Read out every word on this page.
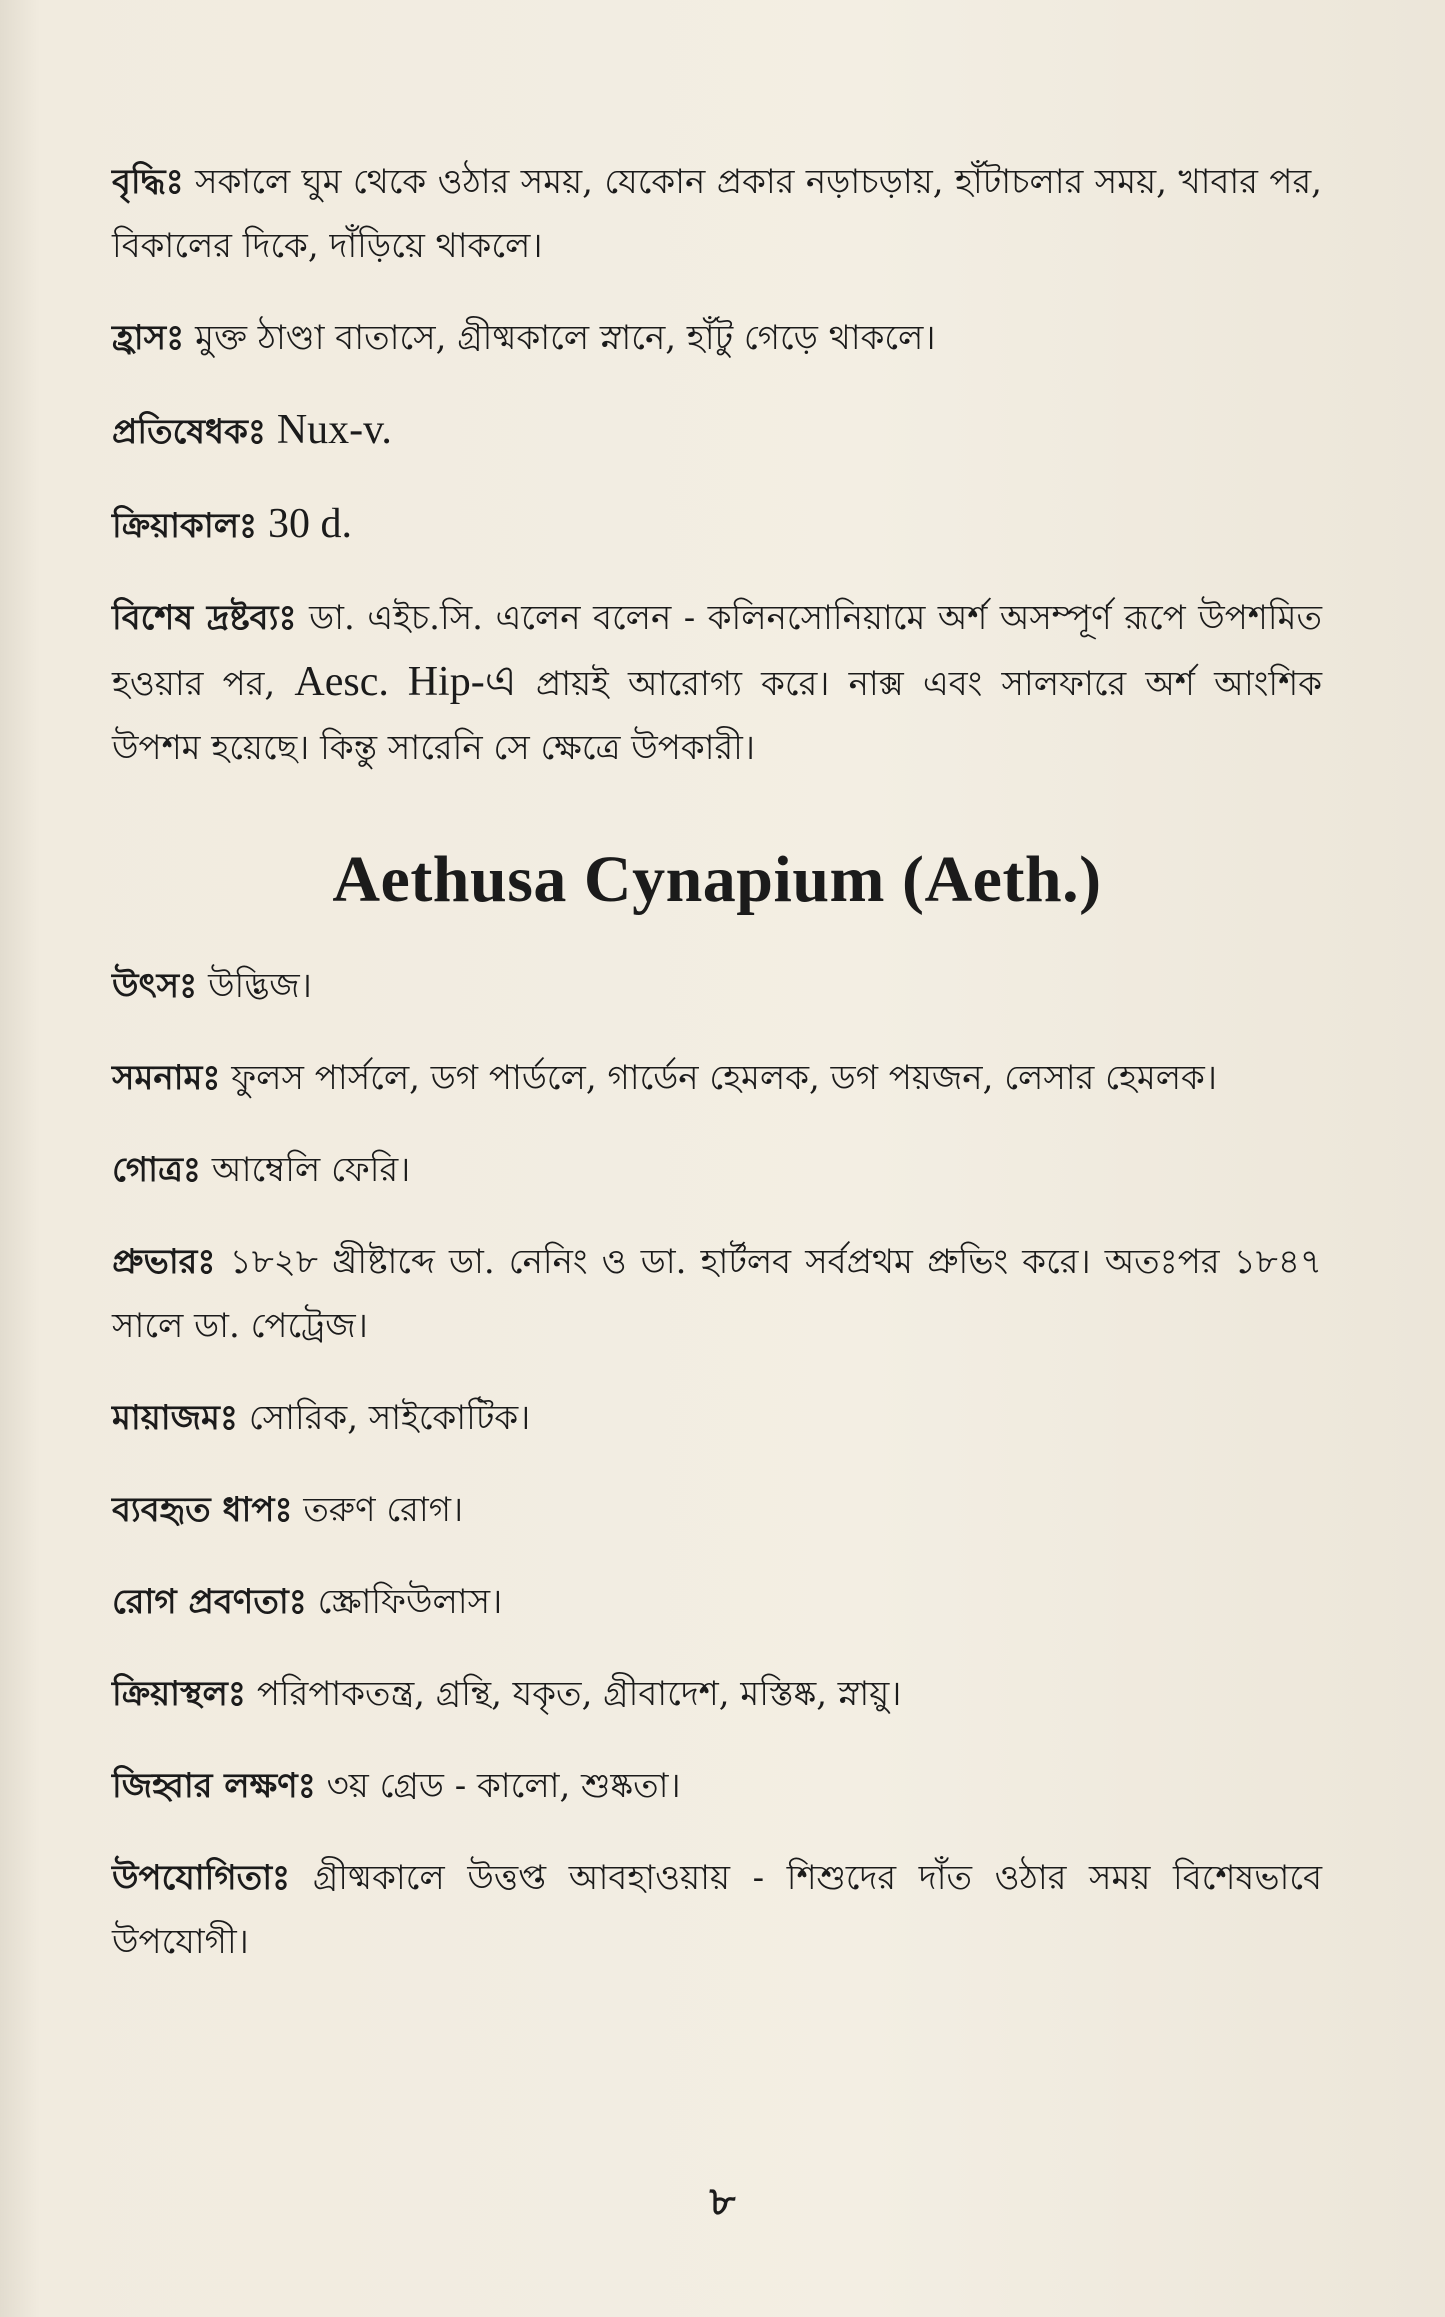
বৃদ্ধিঃ সকালে ঘুম থেকে ওঠার সময়, যেকোন প্রকার নড়াচড়ায়, হাঁটাচলার সময়, খাবার পর, বিকালের দিকে, দাঁড়িয়ে থাকলে।

হ্রাসঃ মুক্ত ঠাণ্ডা বাতাসে, গ্রীষ্মকালে স্নানে, হাঁটু গেড়ে থাকলে।

প্রতিষেধকঃ Nux-v.

ক্রিয়াকালঃ 30 d.

বিশেষ দ্রষ্টব্যঃ ডা. এইচ.সি. এলেন বলেন - কলিনসোনিয়ামে অর্শ অসম্পূর্ণ রূপে উপশমিত হওয়ার পর, Aesc. Hip-এ প্রায়ই আরোগ্য করে। নাক্স এবং সালফারে অর্শ আংশিক উপশম হয়েছে। কিন্তু সারেনি সে ক্ষেত্রে উপকারী।

Aethusa Cynapium (Aeth.)

উৎসঃ উদ্ভিজ।

সমনামঃ ফুলস পার্সলে, ডগ পার্ডলে, গার্ডেন হেমলক, ডগ পয়জন, লেসার হেমলক।

গোত্রঃ আম্বেলি ফেরি।

প্রুভারঃ ১৮২৮ খ্রীষ্টাব্দে ডা. নেনিং ও ডা. হার্টলব সর্বপ্রথম প্রুভিং করে। অতঃপর ১৮৪৭ সালে ডা. পেট্রেজ।

মায়াজমঃ সোরিক, সাইকোটিক।

ব্যবহৃত ধাপঃ তরুণ রোগ।

রোগ প্রবণতাঃ স্ক্রোফিউলাস।

ক্রিয়াস্থলঃ পরিপাকতন্ত্র, গ্রন্থি, যকৃত, গ্রীবাদেশ, মস্তিষ্ক, স্নায়ু।

জিহ্বার লক্ষণঃ ৩য় গ্রেড - কালো, শুষ্কতা।

উপযোগিতাঃ গ্রীষ্মকালে উত্তপ্ত আবহাওয়ায় - শিশুদের দাঁত ওঠার সময় বিশেষভাবে উপযোগী।

৮
